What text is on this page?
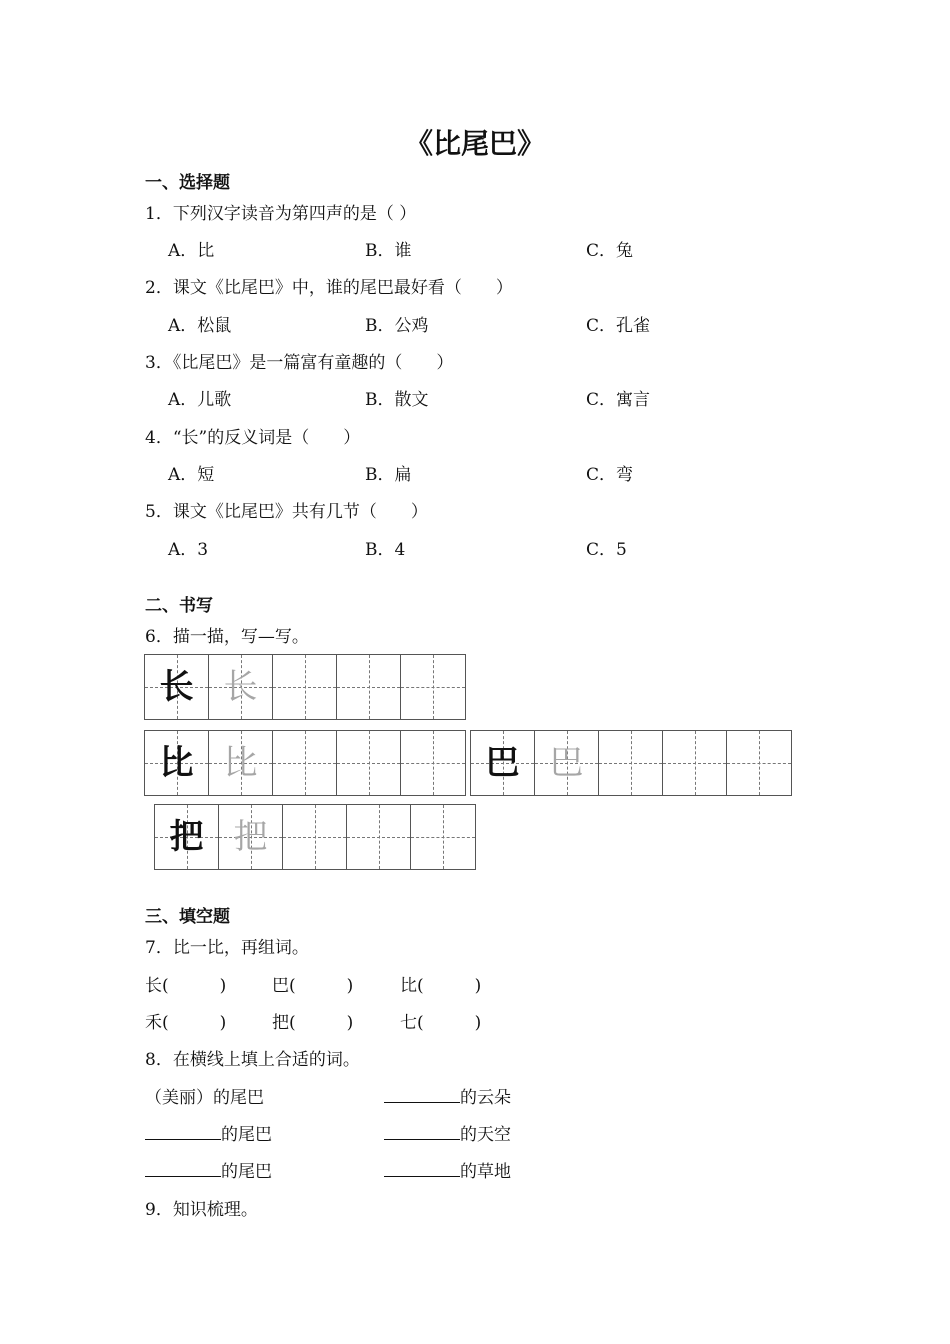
《比尾巴》
一、选择题
1．下列汉字读音为第四声的是（ ）
A．比	B．谁	C．兔
2．课文《比尾巴》中，谁的尾巴最好看（　　）
A．松鼠	B．公鸡	C．孔雀
3．《比尾巴》是一篇富有童趣的（　　）
A．儿歌	B．散文	C．寓言
4．“长”的反义词是（　　）
A．短	B．扁	C．弯
5．课文《比尾巴》共有几节（　　）
A．3	B．4	C．5
二、书写
6．描一描，写—写。
长 长
比 比	巴 巴
把 把
三、填空题
7．比一比，再组词。
长(　　　)	巴(　　　)	比(　　　)
禾(　　　)	把(　　　)	七(　　　)
8．在横线上填上合适的词。
（美丽）的尾巴	的云朵
的尾巴	的天空
的尾巴	的草地
9．知识梳理。
